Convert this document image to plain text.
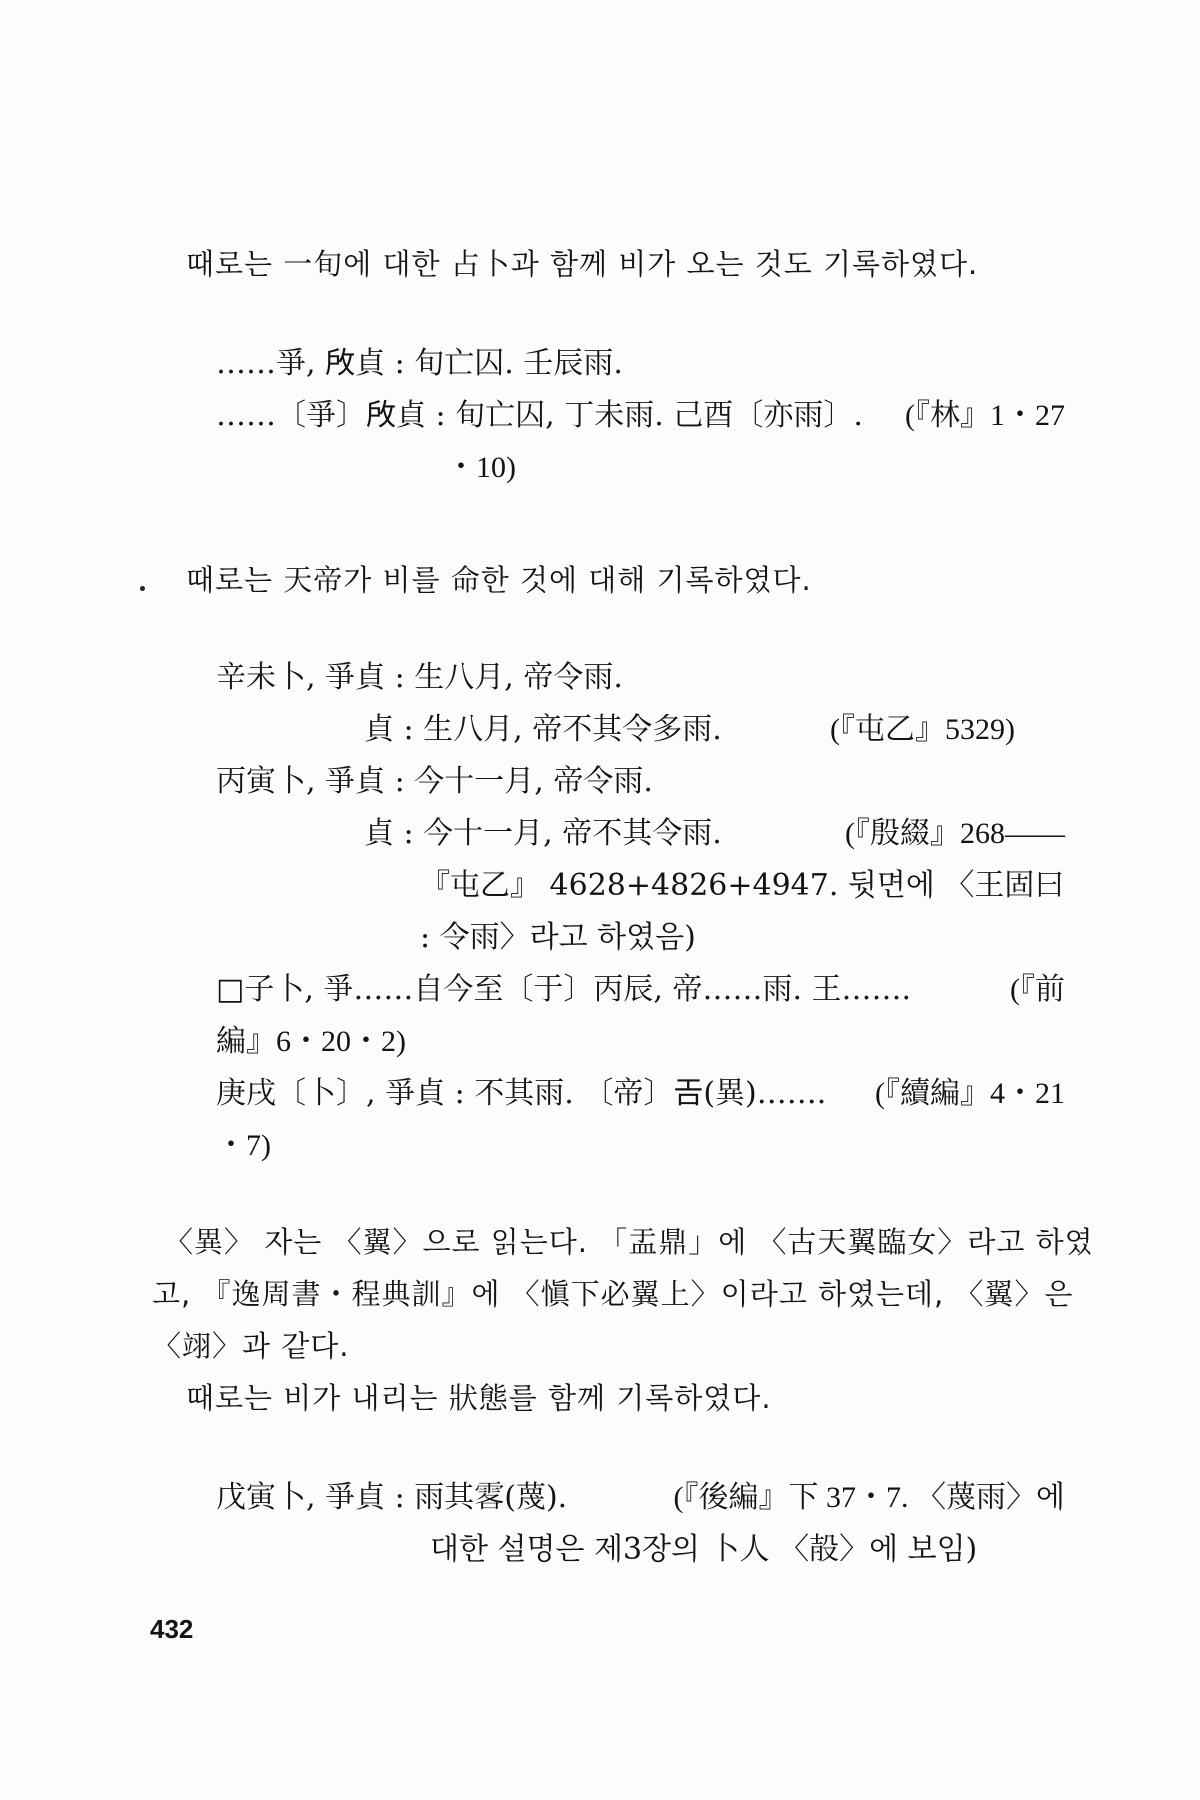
때로는 一旬에 대한 占卜과 함께 비가 오는 것도 기록하였다.
……爭, 𢼄貞 : 旬亡囚. 壬辰雨.
……〔爭〕𢼄貞 : 旬亡囚, 丁未雨. 己酉〔亦雨〕. (『林』1・27
・10)
때로는 天帝가 비를 命한 것에 대해 기록하였다.
辛未卜, 爭貞 : 生八月, 帝令雨.
貞 : 生八月, 帝不其令多雨.	(『屯乙』5329)
丙寅卜, 爭貞 : 今十一月, 帝令雨.
貞 : 今十一月, 帝不其令雨.	(『殷綴』268——
『屯乙』 4628+4826+4947. 뒷면에 〈王固曰
: 令雨〉라고 하였음)
□子卜, 爭……自今至〔于〕丙辰, 帝……雨. 王…….	(『前
編』6・20・2)
庚戌〔卜〕, 爭貞 : 不其雨. 〔帝〕𢀛(異)……. (『續編』4・21
・7)
〈異〉 자는 〈翼〉으로 읽는다. 「盂鼎」에 〈古天翼臨女〉라고 하였
고, 『逸周書・程典訓』에 〈愼下必翼上〉이라고 하였는데, 〈翼〉은
〈翊〉과 같다.
때로는 비가 내리는 狀態를 함께 기록하였다.
戊寅卜, 爭貞 : 雨其𩂣(蔑).	(『後編』下 37・7. 〈蔑雨〉에
대한 설명은 제3장의 卜人 〈㱿〉에 보임)
432
